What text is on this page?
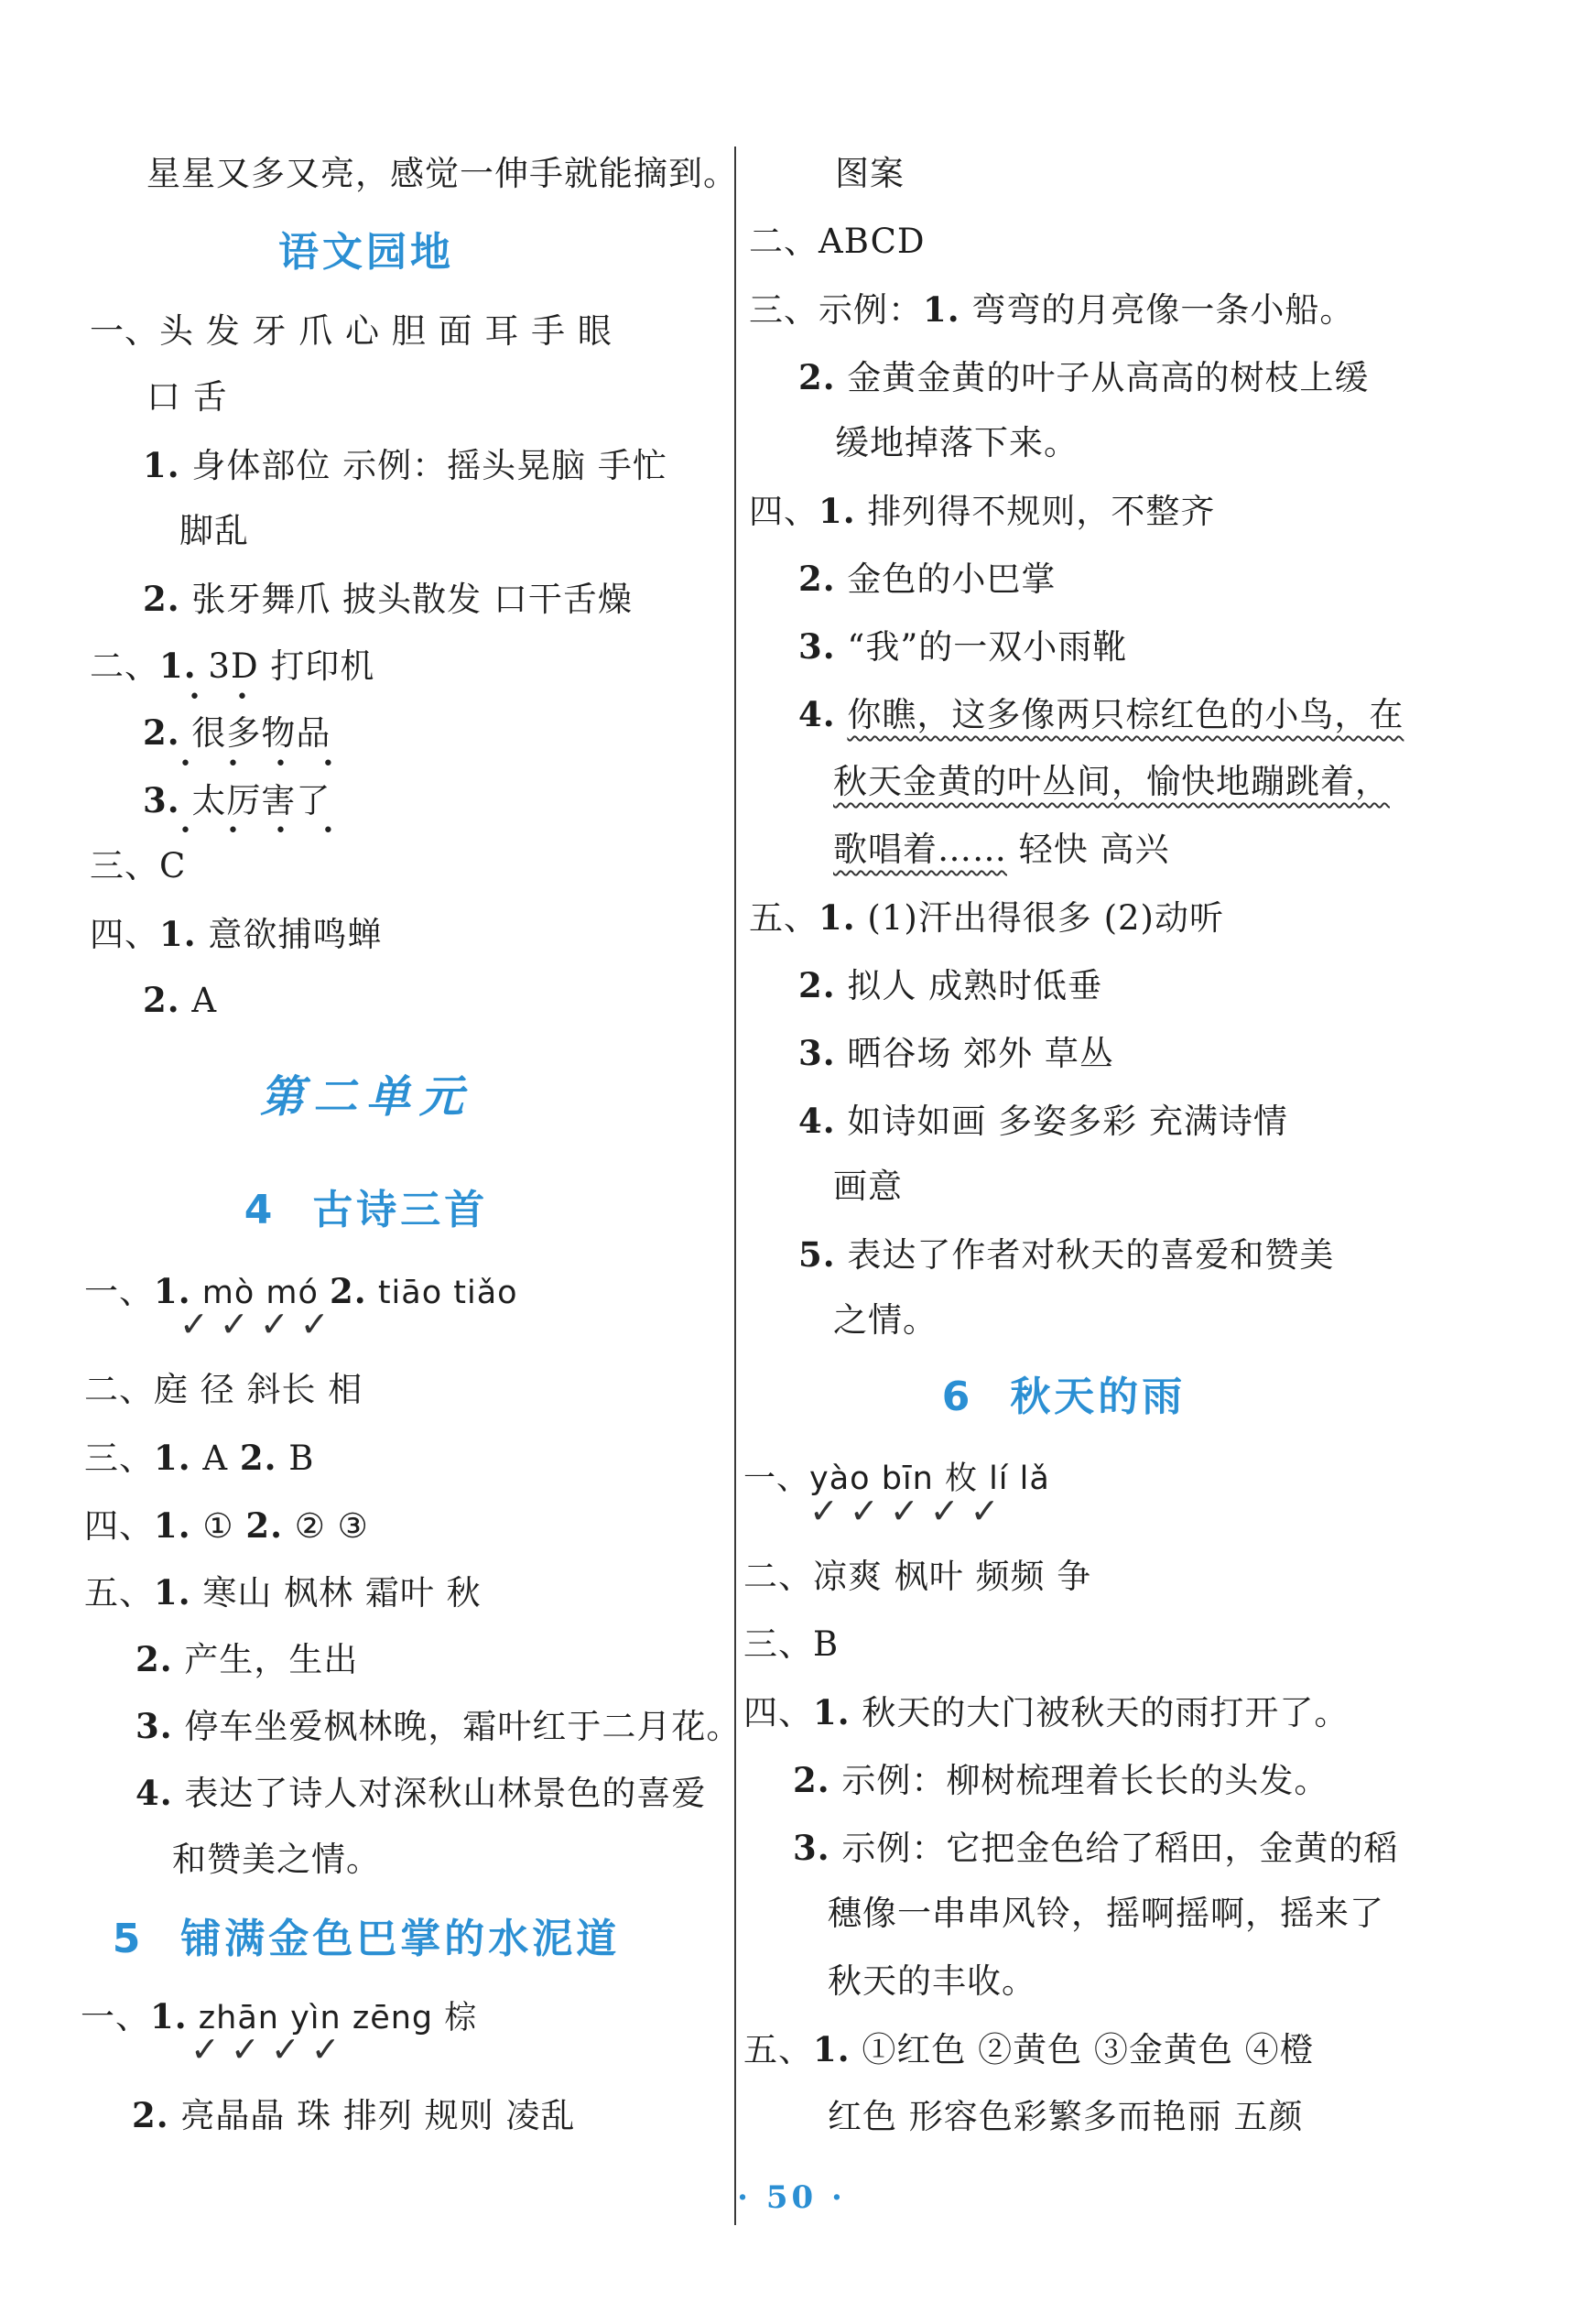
星星又多又亮，感觉一伸手就能摘到。
语文园地
一、头 发 牙 爪 心 胆 面 耳 手 眼
口 舌
1. 身体部位 示例：摇头晃脑 手忙
脚乱
2. 张牙舞爪 披头散发 口干舌燥
二、1. 3D 打印机
• •
2. 很多物品
• • • •
3. 太厉害了
• • • •
三、C
四、1. 意欲捕鸣蝉
2. A
第二单元
4 古诗三首
一、1. mò mó 2. tiāo tiǎo
✓ ✓ ✓ ✓
二、庭 径 斜长 相
三、1. A 2. B
四、1. ① 2. ② ③
五、1. 寒山 枫林 霜叶 秋
2. 产生，生出
3. 停车坐爱枫林晚，霜叶红于二月花。
4. 表达了诗人对深秋山林景色的喜爱
和赞美之情。
5 铺满金色巴掌的水泥道
一、1. zhān yìn zēng 棕
✓ ✓ ✓ ✓
2. 亮晶晶 珠 排列 规则 凌乱
图案
二、ABCD
三、示例：1. 弯弯的月亮像一条小船。
2. 金黄金黄的叶子从高高的树枝上缓
缓地掉落下来。
四、1. 排列得不规则，不整齐
2. 金色的小巴掌
3. “我”的一双小雨靴
4. 你瞧，这多像两只棕红色的小鸟，在
秋天金黄的叶丛间，愉快地蹦跳着，
歌唱着…… 轻快 高兴
五、1. (1)汗出得很多 (2)动听
2. 拟人 成熟时低垂
3. 晒谷场 郊外 草丛
4. 如诗如画 多姿多彩 充满诗情
画意
5. 表达了作者对秋天的喜爱和赞美
之情。
6 秋天的雨
一、yào bīn 枚 lí lǎ
✓ ✓ ✓ ✓ ✓
二、凉爽 枫叶 频频 争
三、B
四、1. 秋天的大门被秋天的雨打开了。
2. 示例：柳树梳理着长长的头发。
3. 示例：它把金色给了稻田，金黄的稻
穗像一串串风铃，摇啊摇啊，摇来了
秋天的丰收。
五、1. ①红色 ②黄色 ③金黄色 ④橙
红色 形容色彩繁多而艳丽 五颜
· 50 ·
